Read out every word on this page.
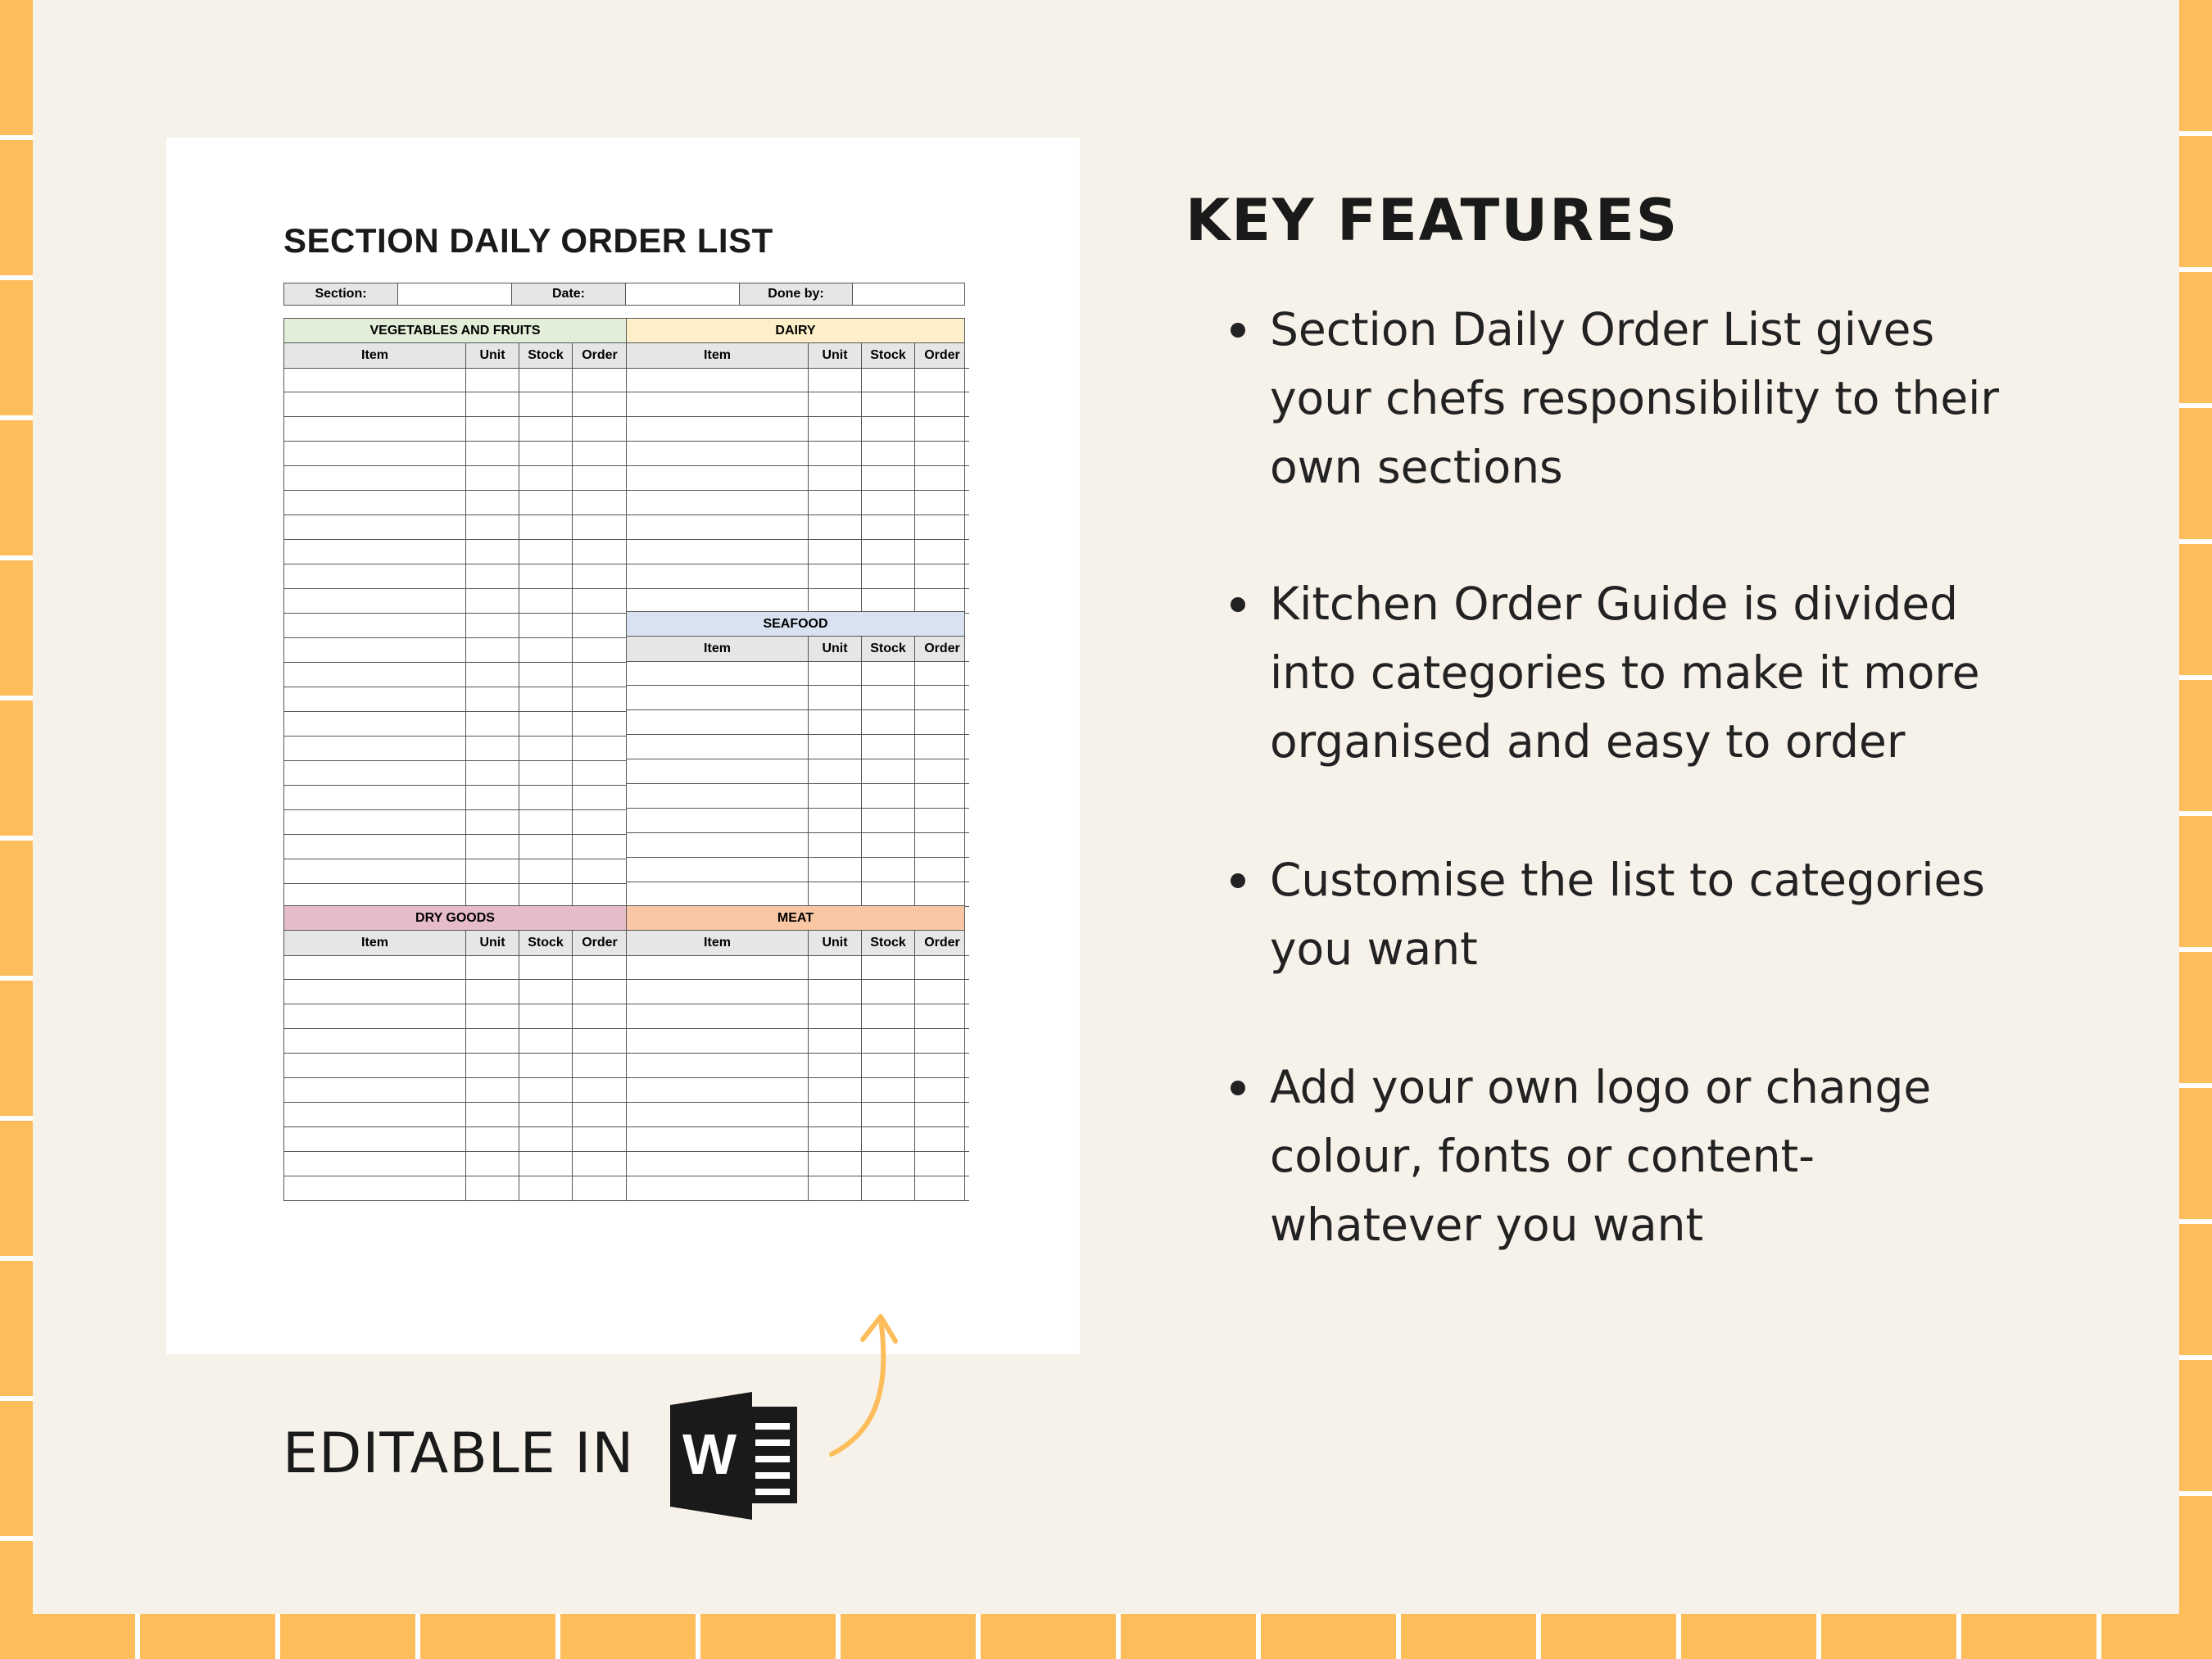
SECTION DAILY ORDER LIST
Section:	Date:	Done by:
VEGETABLES AND FRUITS
Item	Unit	Stock	Order
DAIRY
Item	Unit	Stock	Order
SEAFOOD
Item	Unit	Stock	Order
DRY GOODS
Item	Unit	Stock	Order
MEAT
Item	Unit	Stock	Order
KEY FEATURES
Section Daily Order List gives
your chefs responsibility to their
own sections
Kitchen Order Guide is divided
into categories to make it more
organised and easy to order
Customise the list to categories
you want
Add your own logo or change
colour, fonts or content-
whatever you want
EDITABLE IN W
